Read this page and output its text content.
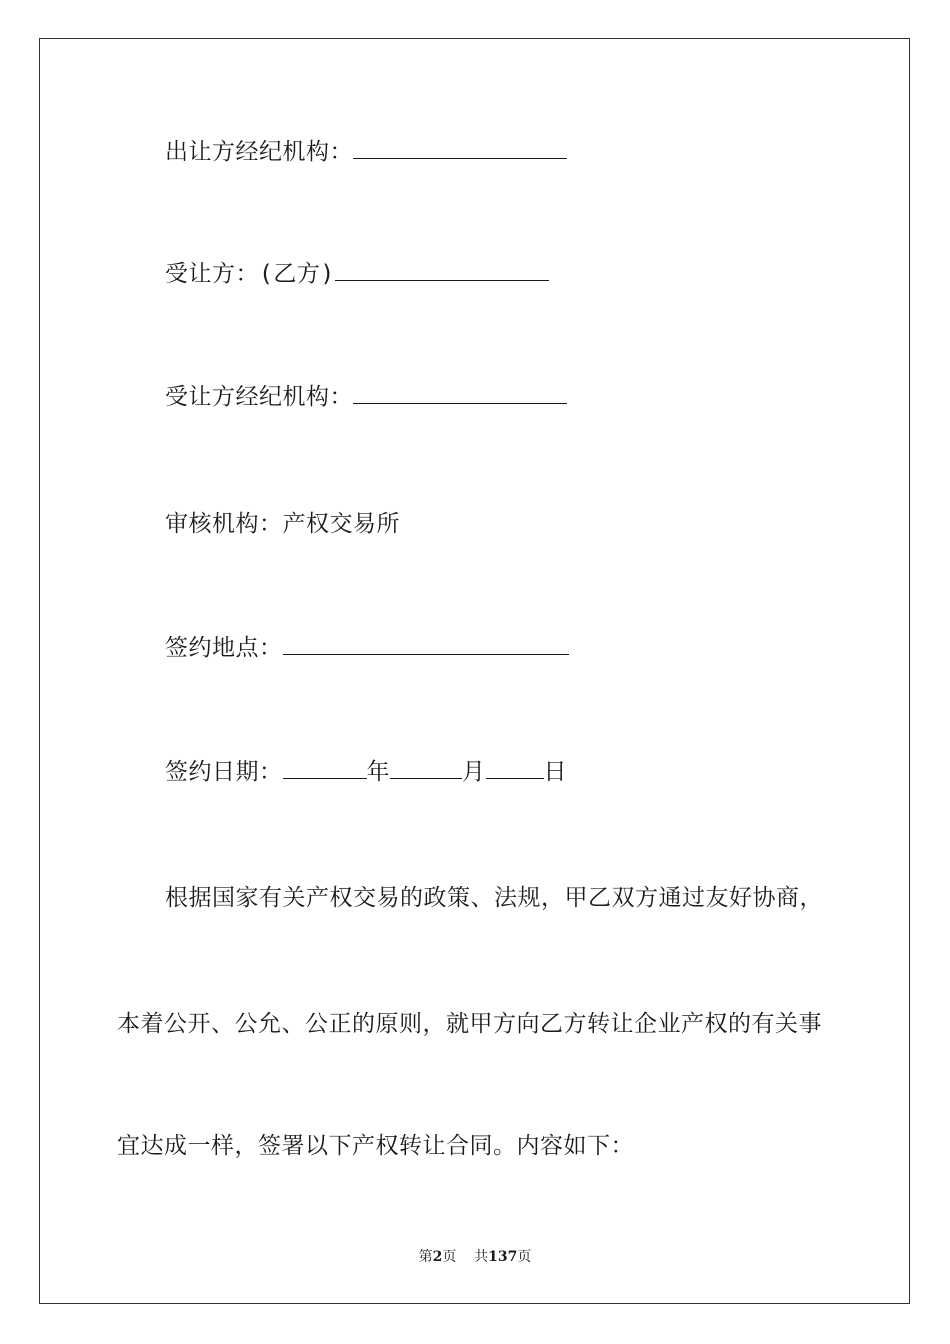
出让方经纪机构：
受让方：(乙方)
受让方经纪机构：
审核机构：产权交易所
签约地点：
签约日期：	年	月	日
根据国家有关产权交易的政策、法规，甲乙双方通过友好协商，
本着公开、公允、公正的原则，就甲方向乙方转让企业产权的有关事
宜达成一样，签署以下产权转让合同。内容如下：
第2页 共137页
